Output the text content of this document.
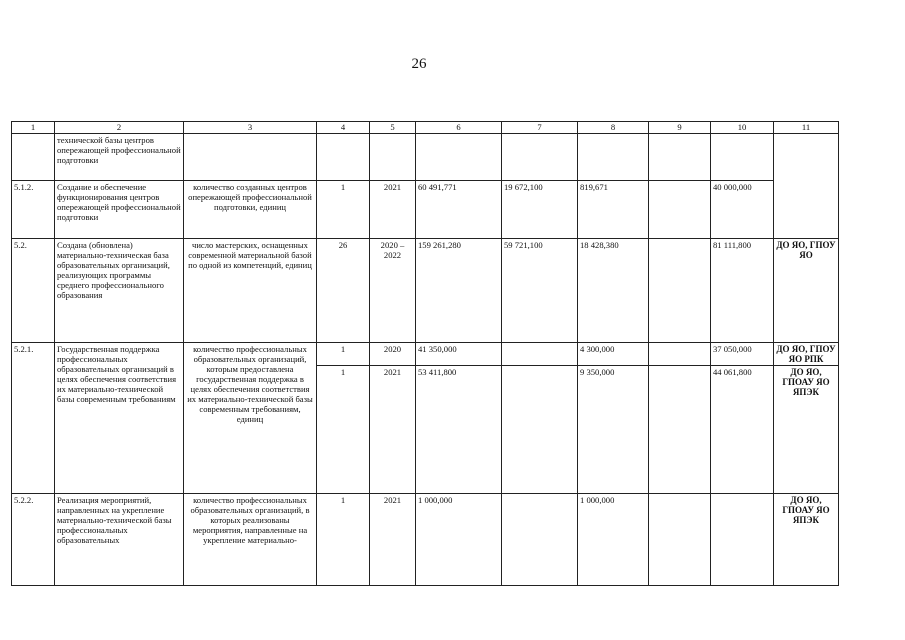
26
1	2	3	4	5	6	7	8	9	10	11
	технической базы центров опережающей профессиональной подготовки									
5.1.2.	Создание и обеспечение функционирования центров опережающей профессиональной подготовки	количество созданных центров опережающей профессиональной подготовки, единиц	1	2021	60 491,771	19 672,100	819,671		40 000,000	
5.2.	Создана (обновлена) материально-техническая база образовательных организаций, реализующих программы среднего профессионального образования	число мастерских, оснащенных современной материальной базой по одной из компетенций, единиц	26	2020 – 2022	159 261,280	59 721,100	18 428,380		81 111,800	ДО ЯО, ГПОУ ЯО
5.2.1.	Государственная поддержка профессиональных образовательных организаций в целях обеспечения соответствия их материально-технической базы современным требованиям	количество профессиональных образовательных организаций, которым предоставлена государственная поддержка в целях обеспечения соответствия их материально-технической базы современным требованиям, единиц	1	2020	41 350,000		4 300,000		37 050,000	ДО ЯО, ГПОУ ЯО РПК
			1	2021	53 411,800		9 350,000		44 061,800	ДО ЯО, ГПОАУ ЯО ЯПЭК
5.2.2.	Реализация мероприятий, направленных на укрепление материально-технической базы профессиональных образовательных	количество профессиональных образовательных организаций, в которых реализованы мероприятия, направленные на укрепление материально-	1	2021	1 000,000		1 000,000			ДО ЯО, ГПОАУ ЯО ЯПЭК
